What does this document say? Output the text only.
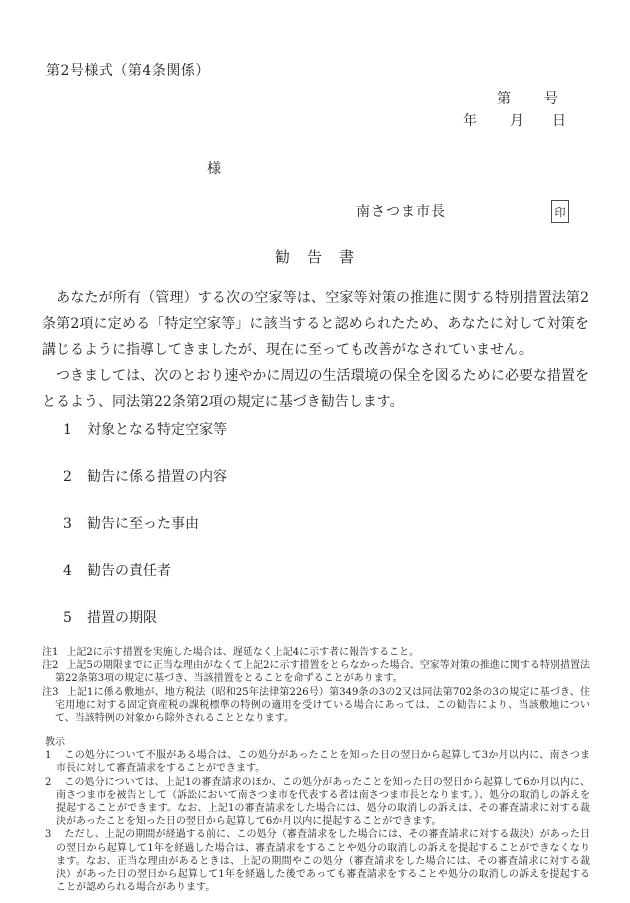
第2号様式（第4条関係）
第 号
年 月 日
様
南さつま市長	印
勧　告　書

　あなたが所有（管理）する次の空家等は、空家等対策の推進に関する特別措置法第2条第2項に定める「特定空家等」に該当すると認められたため、あなたに対して対策を講じるように指導してきましたが、現在に至っても改善がなされていません。

　つきましては、次のとおり速やかに周辺の生活環境の保全を図るために必要な措置をとるよう、同法第22条第2項の規定に基づき勧告します。

1 対象となる特定空家等
2 勧告に係る措置の内容
3 勧告に至った事由
4 勧告の責任者
5 措置の期限
注1 上記2に示す措置を実施した場合は、遅延なく上記4に示す者に報告すること。
注2 上記5の期限までに正当な理由がなくて上記2に示す措置をとらなかった場合、空家等対策の推進に関する特別措置法第22条第3項の規定に基づき、当該措置をとることを命ずることがあります。
注3 上記1に係る敷地が、地方税法（昭和25年法律第226号）第349条の3の2又は同法第702条の3の規定に基づき、住宅用地に対する固定資産税の課税標準の特例の適用を受けている場合にあっては、この勧告により、当該敷地について、当該特例の対象から除外されることとなります。
教示
1 この処分について不服がある場合は、この処分があったことを知った日の翌日から起算して3か月以内に、南さつま市長に対して審査請求をすることができます。
2 この処分については、上記1の審査請求のほか、この処分があったことを知った日の翌日から起算して6か月以内に、南さつま市を被告として（訴訟において南さつま市を代表する者は南さつま市長となります。）、処分の取消しの訴えを提起することができます。なお、上記1の審査請求をした場合には、処分の取消しの訴えは、その審査請求に対する裁決があったことを知った日の翌日から起算して6か月以内に提起することができます。
3 ただし、上記の期間が経過する前に、この処分（審査請求をした場合には、その審査請求に対する裁決）があった日の翌日から起算して1年を経過した場合は、審査請求をすることや処分の取消しの訴えを提起することができなくなります。なお、正当な理由があるときは、上記の期間やこの処分（審査請求をした場合には、その審査請求に対する裁決）があった日の翌日から起算して1年を経過した後であっても審査請求をすることや処分の取消しの訴えを提起することが認められる場合があります。
